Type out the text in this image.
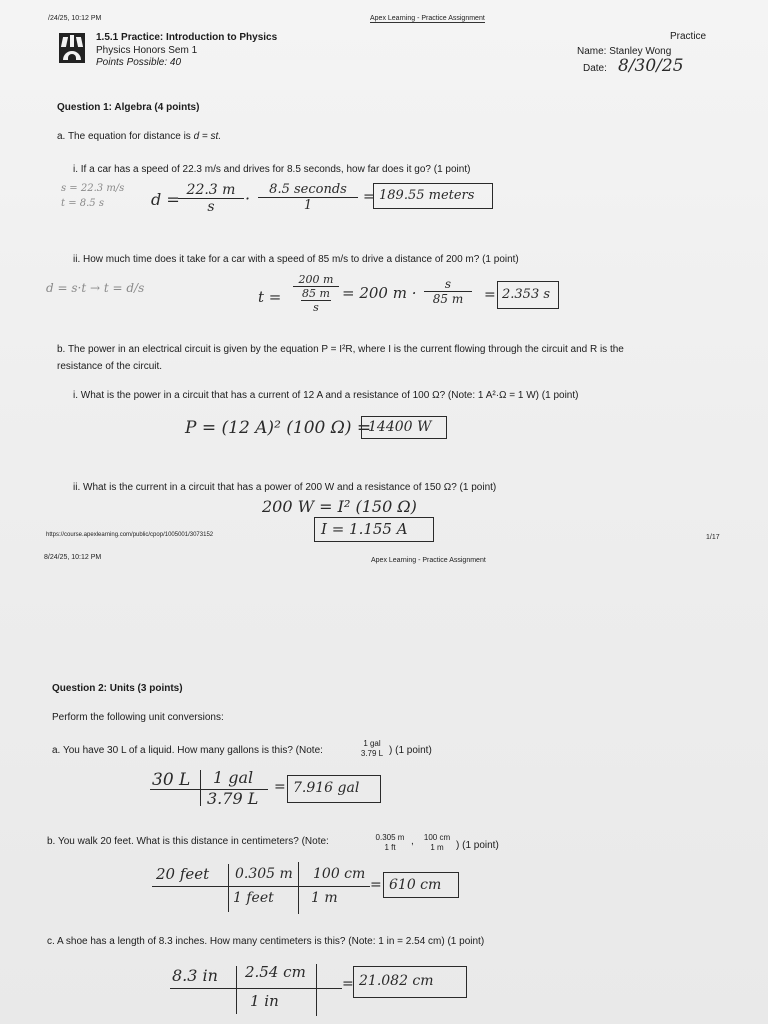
/24/25, 10:12 PM	Apex Learning - Practice Assignment
1.5.1 Practice: Introduction to Physics
Physics Honors Sem 1
Points Possible: 40
Practice
Name: Stanley Wong
Date: 8/30/25
Question 1: Algebra (4 points)
a. The equation for distance is d = st.
i. If a car has a speed of 22.3 m/s and drives for 8.5 seconds, how far does it go? (1 point)
s = 22.3 m/s
t = 8.5 s	d = 22.3 m
s	·	8.5 seconds
1
= 189.55 meters
ii. How much time does it take for a car with a speed of 85 m/s to drive a distance of 200 m? (1 point)
d = s·t → t = d/s	t =
200 m
85 m
s
= 200 m ·	s
85 m	= 2.353 s
b. The power in an electrical circuit is given by the equation P = I²R, where I is the current flowing through the circuit and R is the
resistance of the circuit.
i. What is the power in a circuit that has a current of 12 A and a resistance of 100 Ω? (Note: 1 A²·Ω = 1 W) (1 point)
P = (12 A)² (100 Ω) =
14400 W
ii. What is the current in a circuit that has a power of 200 W and a resistance of 150 Ω? (1 point)
200 W = I² (150 Ω)
I = 1.155 A
https://course.apexlearning.com/public/cpop/1005001/3073152	1/17
8/24/25, 10:12 PM	Apex Learning - Practice Assignment
Question 2: Units (3 points)
Perform the following unit conversions:
a. You have 30 L of a liquid. How many gallons is this? (Note:
1 gal
3.79 L ) (1 point)
30 L 1 gal
3.79 L
= 7.916 gal
b. You walk 20 feet. What is this distance in centimeters? (Note:	0.305 m
1 ft
,	100 cm
1 m	) (1 point)
20 feet 0.305 m
1 feet
100 cm
1 m
= 610 cm
c. A shoe has a length of 8.3 inches. How many centimeters is this? (Note: 1 in = 2.54 cm) (1 point)
8.3 in 2.54 cm
1 in
= 21.082 cm
